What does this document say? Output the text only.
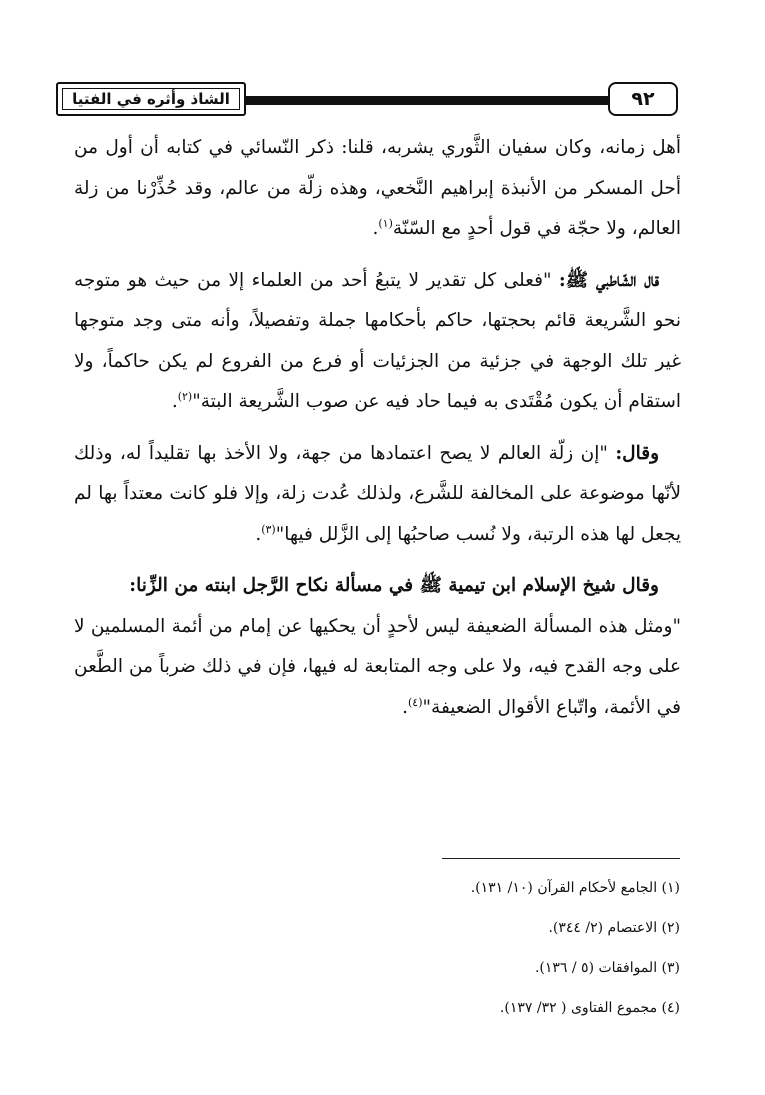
الشاذ وأثره في الفتيا	٩٢

أهل زمانه، وكان سفيان الثَّوري يشربه، قلنا: ذكر النّسائي في كتابه أن أول من أحل المسكر من الأنبذة إبراهيم النَّخعي، وهذه زلّة من عالم، وقد حُذِّرْنا من زلة العالم، ولا حجّة في قول أحدٍ مع السّنّة$^{(١)}$.

قال الشّاطبي ﷺ: "فعلى كل تقدير لا يتبعُ أحد من العلماء إلا من حيث هو متوجه نحو الشَّريعة قائم بحجتها، حاكم بأحكامها جملة وتفصيلاً، وأنه متى وجد متوجها غير تلك الوجهة في جزئية من الجزئيات أو فرع من الفروع لم يكن حاكماً، ولا استقام أن يكون مُقْتَدى به فيما حاد فيه عن صوب الشَّريعة البتة"$^{(٢)}$.

وقال: "إن زلّة العالم لا يصح اعتمادها من جهة، ولا الأخذ بها تقليداً له، وذلك لأنّها موضوعة على المخالفة للشَّرع، ولذلك عُدت زلة، وإلا فلو كانت معتداً بها لم يجعل لها هذه الرتبة، ولا نُسب صاحبُها إلى الزَّلل فيها"$^{(٣)}$.

وقال شيخ الإسلام ابن تيمية ﷺ في مسألة نكاح الرَّجل ابنته من الزِّنا:

"ومثل هذه المسألة الضعيفة ليس لأحدٍ أن يحكيها عن إمام من أئمة المسلمين لا على وجه القدح فيه، ولا على وجه المتابعة له فيها، فإن في ذلك ضرباً من الطَّعن في الأئمة، واتّباع الأقوال الضعيفة"$^{(٤)}$.

(١) الجامع لأحكام القرآن (١٠/ ١٣١).
(٢) الاعتصام (٢/ ٣٤٤).
(٣) الموافقات (٥ / ١٣٦).
(٤) مجموع الفتاوى ( ٣٢/ ١٣٧).
